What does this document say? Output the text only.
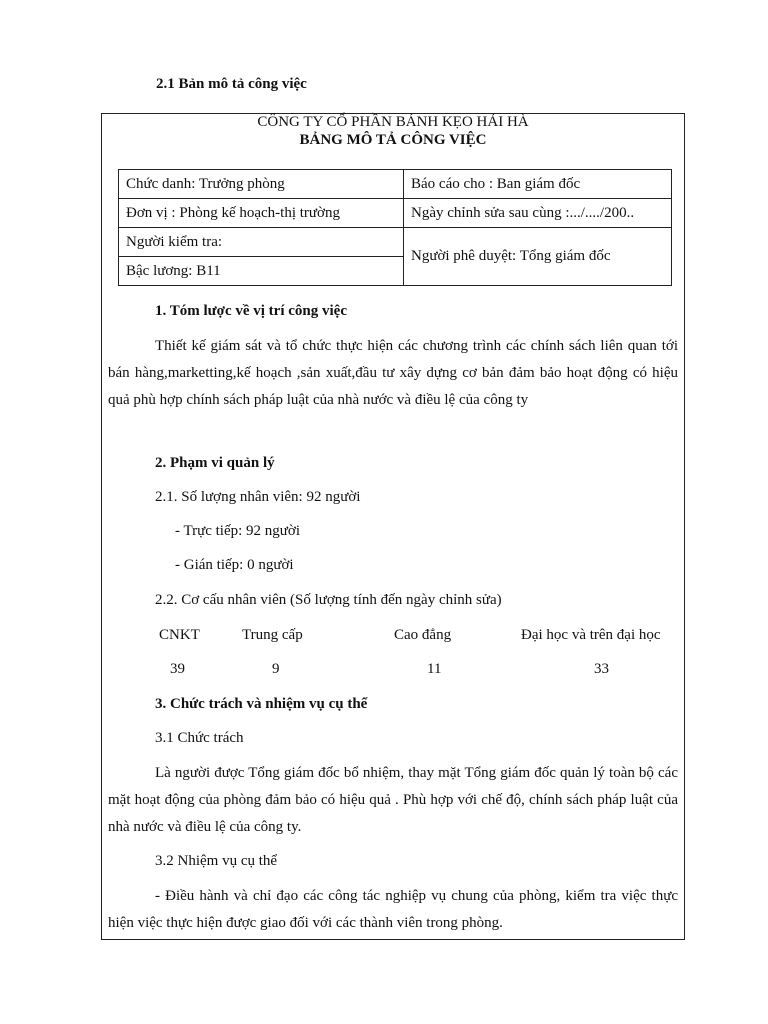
2.1 Bản mô tả công việc
CÔNG TY CỔ PHẦN BÁNH KẸO HẢI HÀ
BẢNG MÔ TẢ CÔNG VIỆC
Chức danh: Trưởng phòng	Báo cáo cho : Ban giám đốc
Đơn vị : Phòng kế hoạch-thị trường	Ngày chỉnh sửa sau cùng :.../..../200..
Người kiểm tra:	Người phê duyệt: Tổng giám đốc
Bậc lương: B11	
1. Tóm lược về vị trí công việc
Thiết kế giám sát và tổ chức thực hiện các chương trình các chính sách liên quan tới bán hàng,marketting,kế hoạch ,sản xuất,đầu tư xây dựng cơ bản đảm bảo hoạt động có hiệu quả phù hợp chính sách pháp luật của nhà nước và điều lệ của công ty
2. Phạm vi quản lý
2.1. Số lượng nhân viên: 92 người
- Trực tiếp: 92 người
- Gián tiếp: 0 người
2.2. Cơ cấu nhân viên (Số lượng tính đến ngày chỉnh sửa)
CNKT	Trung cấp	Cao đẳng	Đại học và trên đại học
39	9	11	33
3. Chức trách và nhiệm vụ cụ thể
3.1 Chức trách
Là người được Tổng giám đốc bổ nhiệm, thay mặt Tổng giám đốc quản lý toàn bộ các mặt hoạt động của phòng đảm bảo có hiệu quả . Phù hợp với chế độ, chính sách pháp luật của nhà nước và điều lệ của công ty.
3.2 Nhiệm vụ cụ thể
- Điều hành và chỉ đạo các công tác nghiệp vụ chung của phòng, kiểm tra việc thực hiện việc thực hiện được giao đối với các thành viên trong phòng.
